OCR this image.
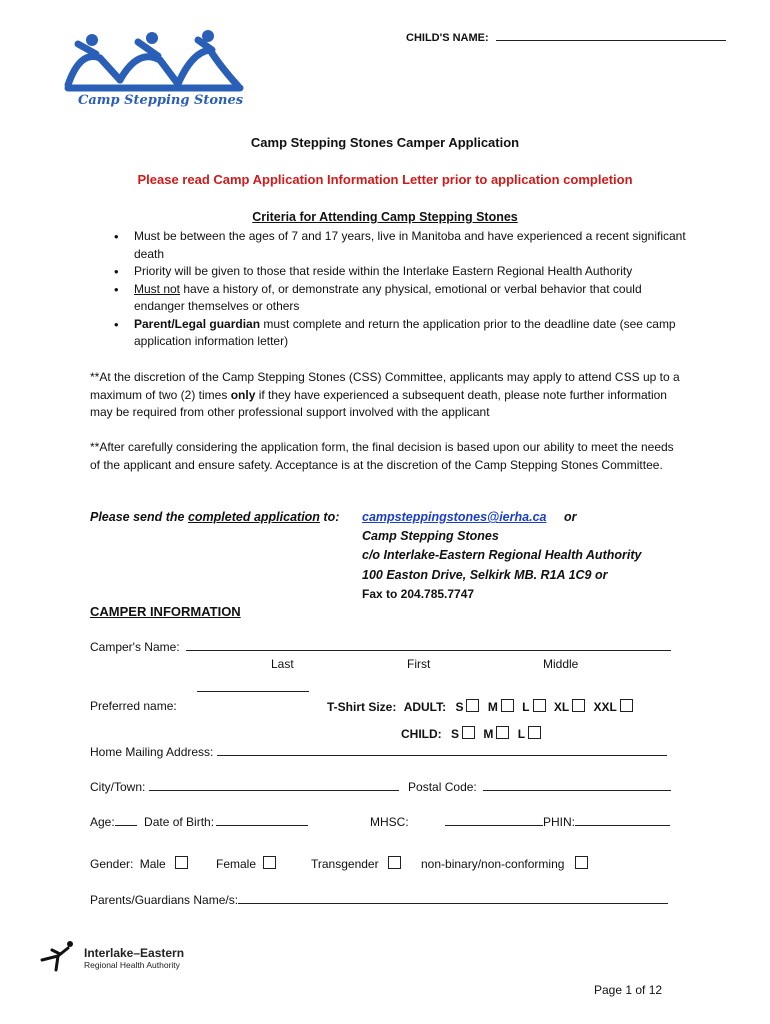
CHILD'S NAME:
Camp Stepping Stones
Camp Stepping Stones Camper Application
Please read Camp Application Information Letter prior to application completion
Criteria for Attending Camp Stepping Stones
• Must be between the ages of 7 and 17 years, live in Manitoba and have experienced a recent significant death
• Priority will be given to those that reside within the Interlake Eastern Regional Health Authority
• Must not have a history of, or demonstrate any physical, emotional or verbal behavior that could endanger themselves or others
• Parent/Legal guardian must complete and return the application prior to the deadline date (see camp application information letter)

**At the discretion of the Camp Stepping Stones (CSS) Committee, applicants may apply to attend CSS up to a maximum of two (2) times only if they have experienced a subsequent death, please note further information may be required from other professional support involved with the applicant

**After carefully considering the application form, the final decision is based upon our ability to meet the needs of the applicant and ensure safety. Acceptance is at the discretion of the Camp Stepping Stones Committee.

Please send the completed application to: campsteppingstones@ierha.ca or
Camp Stepping Stones
c/o Interlake-Eastern Regional Health Authority
100 Easton Drive, Selkirk MB. R1A 1C9 or
Fax to 204.785.7747
CAMPER INFORMATION
Camper's Name:
Last	First	Middle
Preferred name:	T-Shirt Size: ADULT: S M L XL XXL
CHILD: S M L
Home Mailing Address:
City/Town:	Postal Code:
Age: Date of Birth:	MHSC:	PHIN:
Gender: Male	Female	Transgender	non-binary/non-conforming
Parents/Guardians Name/s:
Interlake–Eastern
Regional Health Authority
Page 1 of 12
